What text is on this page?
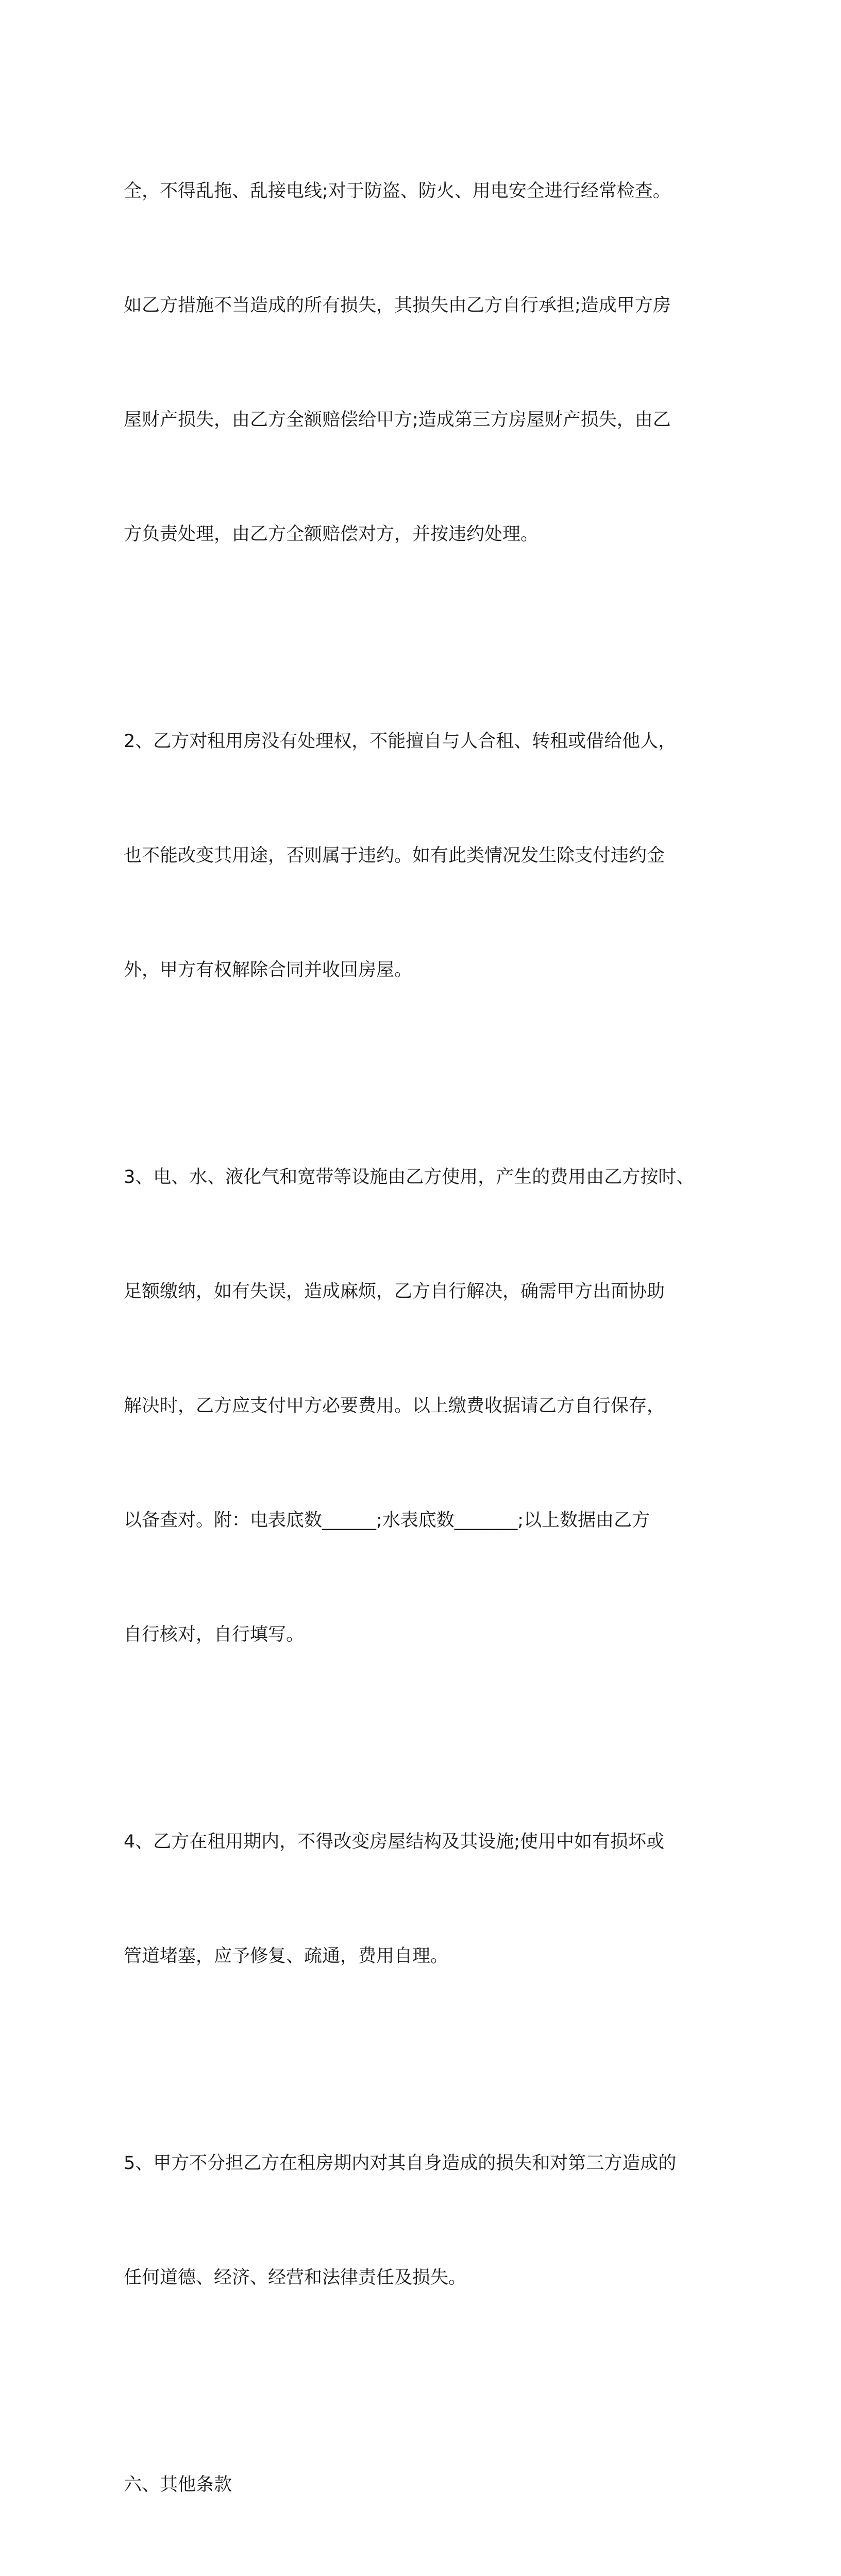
全，不得乱拖、乱接电线;对于防盗、防火、用电安全进行经常检查。

如乙方措施不当造成的所有损失，其损失由乙方自行承担;造成甲方房

屋财产损失，由乙方全额赔偿给甲方;造成第三方房屋财产损失，由乙

方负责处理，由乙方全额赔偿对方，并按违约处理。

2、乙方对租用房没有处理权，不能擅自与人合租、转租或借给他人，

也不能改变其用途，否则属于违约。如有此类情况发生除支付违约金

外，甲方有权解除合同并收回房屋。

3、电、水、液化气和宽带等设施由乙方使用，产生的费用由乙方按时、

足额缴纳，如有失误，造成麻烦，乙方自行解决，确需甲方出面协助

解决时，乙方应支付甲方必要费用。以上缴费收据请乙方自行保存，

以备查对。附：电表底数______;水表底数_______;以上数据由乙方

自行核对，自行填写。

4、乙方在租用期内，不得改变房屋结构及其设施;使用中如有损坏或

管道堵塞，应予修复、疏通，费用自理。

5、甲方不分担乙方在租房期内对其自身造成的损失和对第三方造成的

任何道德、经济、经营和法律责任及损失。

六、其他条款
